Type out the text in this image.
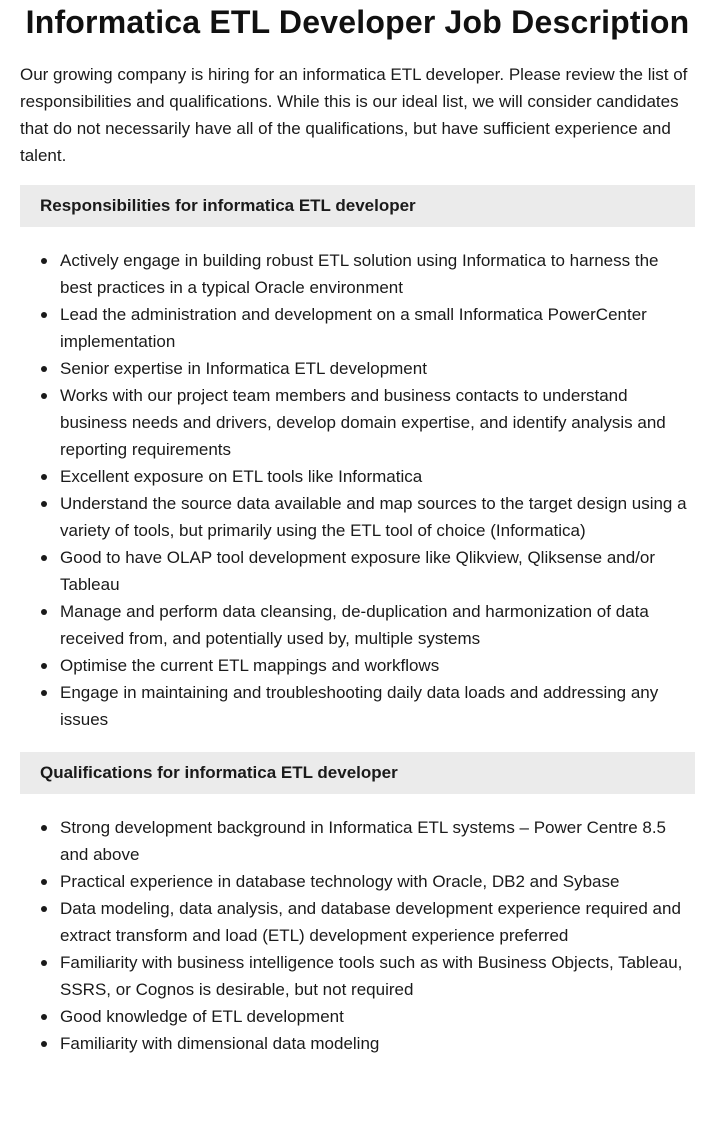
Informatica ETL Developer Job Description

Our growing company is hiring for an informatica ETL developer. Please review the list of responsibilities and qualifications. While this is our ideal list, we will consider candidates that do not necessarily have all of the qualifications, but have sufficient experience and talent.

Responsibilities for informatica ETL developer
Actively engage in building robust ETL solution using Informatica to harness the best practices in a typical Oracle environment
Lead the administration and development on a small Informatica PowerCenter implementation
Senior expertise in Informatica ETL development
Works with our project team members and business contacts to understand business needs and drivers, develop domain expertise, and identify analysis and reporting requirements
Excellent exposure on ETL tools like Informatica
Understand the source data available and map sources to the target design using a variety of tools, but primarily using the ETL tool of choice (Informatica)
Good to have OLAP tool development exposure like Qlikview, Qliksense and/or Tableau
Manage and perform data cleansing, de-duplication and harmonization of data received from, and potentially used by, multiple systems
Optimise the current ETL mappings and workflows
Engage in maintaining and troubleshooting daily data loads and addressing any issues
Qualifications for informatica ETL developer
Strong development background in Informatica ETL systems – Power Centre 8.5 and above
Practical experience in database technology with Oracle, DB2 and Sybase
Data modeling, data analysis, and database development experience required and extract transform and load (ETL) development experience preferred
Familiarity with business intelligence tools such as with Business Objects, Tableau, SSRS, or Cognos is desirable, but not required
Good knowledge of ETL development
Familiarity with dimensional data modeling
